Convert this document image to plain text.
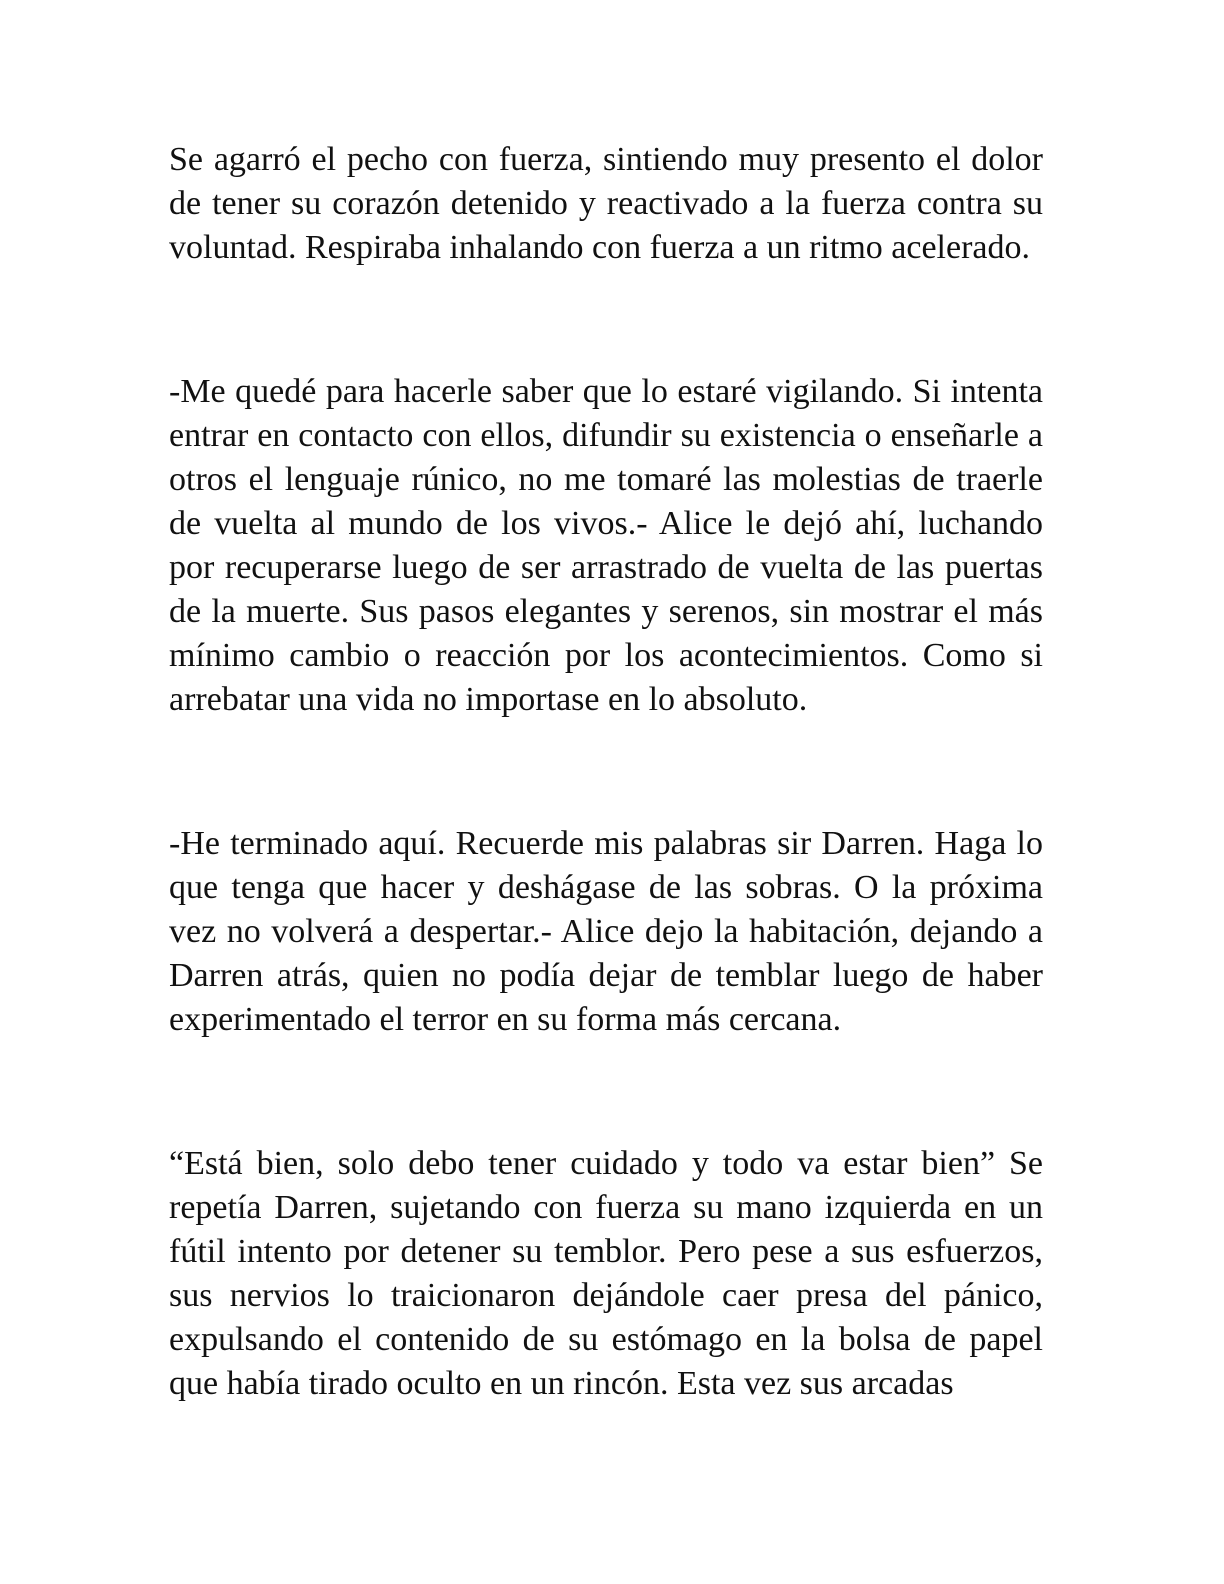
Se agarró el pecho con fuerza, sintiendo muy presento el dolor de tener su corazón detenido y reactivado a la fuerza contra su voluntad. Respiraba inhalando con fuerza a un ritmo acelerado.

-Me quedé para hacerle saber que lo estaré vigilando. Si intenta entrar en contacto con ellos, difundir su existencia o enseñarle a otros el lenguaje rúnico, no me tomaré las molestias de traerle de vuelta al mundo de los vivos.- Alice le dejó ahí, luchando por recuperarse luego de ser arrastrado de vuelta de las puertas de la muerte. Sus pasos elegantes y serenos, sin mostrar el más mínimo cambio o reacción por los acontecimientos. Como si arrebatar una vida no importase en lo absoluto.

-He terminado aquí. Recuerde mis palabras sir Darren. Haga lo que tenga que hacer y deshágase de las sobras. O la próxima vez no volverá a despertar.- Alice dejo la habitación, dejando a Darren atrás, quien no podía dejar de temblar luego de haber experimentado el terror en su forma más cercana.

“Está bien, solo debo tener cuidado y todo va estar bien” Se repetía Darren, sujetando con fuerza su mano izquierda en un fútil intento por detener su temblor. Pero pese a sus esfuerzos, sus nervios lo traicionaron dejándole caer presa del pánico, expulsando el contenido de su estómago en la bolsa de papel que había tirado oculto en un rincón. Esta vez sus arcadas
